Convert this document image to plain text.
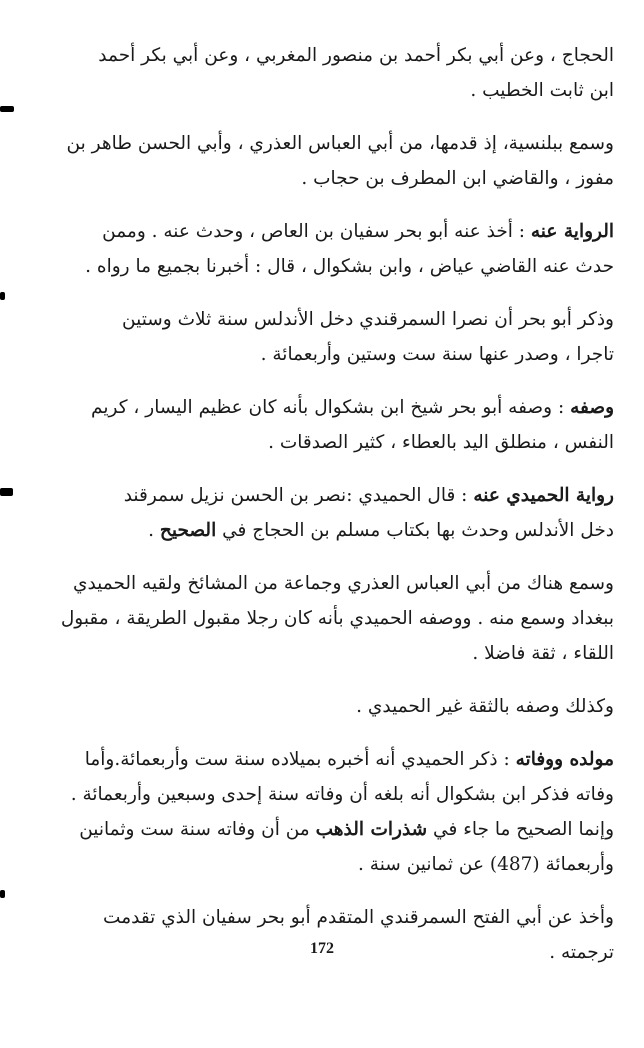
الحجاج ، وعن أبي بكر أحمد بن منصور المغربي ، وعن أبي بكر أحمد
ابن ثابت الخطيب .

وسمع ببلنسية، إذ قدمها، من أبي العباس العذري ، وأبي الحسن طاهر بن
مفوز ، والقاضي ابن المطرف بن حجاب .

الرواية عنه : أخذ عنه أبو بحر سفيان بن العاص ، وحدث عنه . وممن
حدث عنه القاضي عياض ، وابن بشكوال ، قال : أخبرنا بجميع ما رواه .

وذكر أبو بحر أن نصرا السمرقندي دخل الأندلس سنة ثلاث وستين
تاجرا ، وصدر عنها سنة ست وستين وأربعمائة .

وصفه : وصفه أبو بحر شيخ ابن بشكوال بأنه كان عظيم اليسار ، كريم
النفس ، منطلق اليد بالعطاء ، كثير الصدقات .

رواية الحميدي عنه : قال الحميدي :نصر بن الحسن نزيل سمرقند
دخل الأندلس وحدث بها بكتاب مسلم بن الحجاج في الصحيح .

وسمع هناك من أبي العباس العذري وجماعة من المشائخ ولقيه الحميدي
ببغداد وسمع منه . ووصفه الحميدي بأنه كان رجلا مقبول الطريقة ، مقبول
اللقاء ، ثقة فاضلا .

وكذلك وصفه بالثقة غير الحميدي .

مولده ووفاته : ذكر الحميدي أنه أخبره بميلاده سنة ست وأربعمائة.وأما
وفاته فذكر ابن بشكوال أنه بلغه أن وفاته سنة إحدى وسبعين وأربعمائة .
وإنما الصحيح ما جاء في شذرات الذهب من أن وفاته سنة ست وثمانين
وأربعمائة (487) عن ثمانين سنة .

وأخذ عن أبي الفتح السمرقندي المتقدم أبو بحر سفيان الذي تقدمت
ترجمته .

172
